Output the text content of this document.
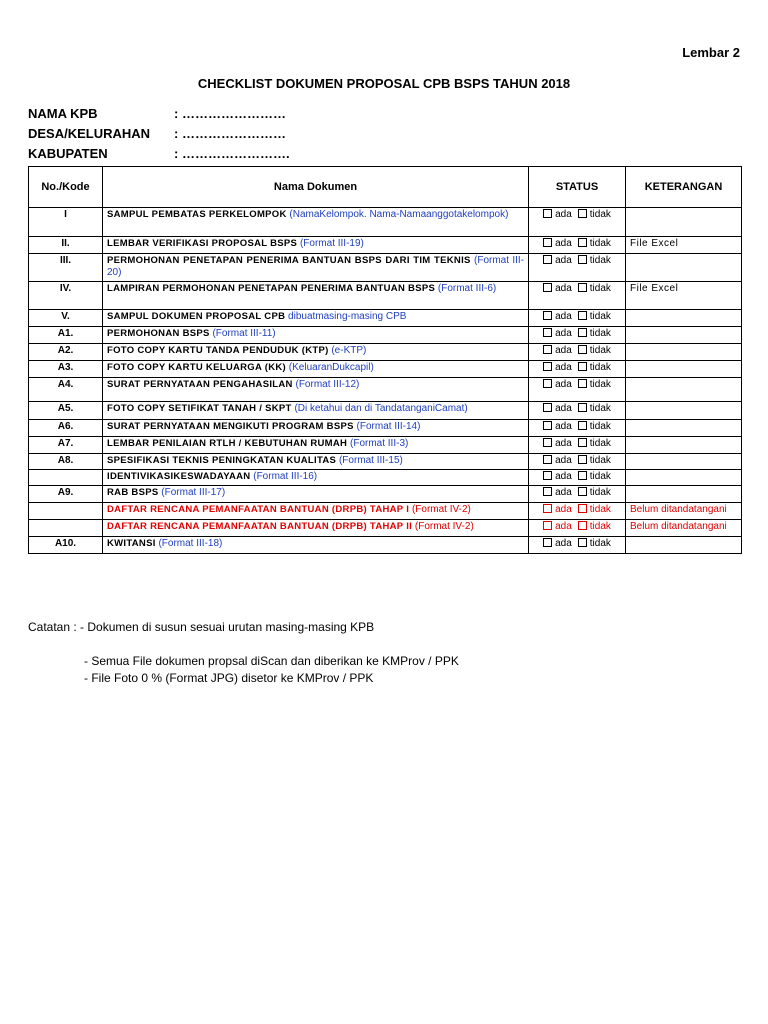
Lembar 2
CHECKLIST DOKUMEN PROPOSAL CPB BSPS TAHUN 2018
NAMA KPB	: ……………………
DESA/KELURAHAN : ……………………
KABUPATEN	: …………………….
No./Kode	Nama Dokumen	STATUS	KETERANGAN
I	SAMPUL PEMBATAS PERKELOMPOK (NamaKelompok. Nama-Namaanggotakelompok)	ada tidak	
II.	LEMBAR VERIFIKASI PROPOSAL BSPS (Format III-19)	ada tidak	File Excel
III.	PERMOHONAN PENETAPAN PENERIMA BANTUAN BSPS DARI TIM TEKNIS (Format III-20)	ada tidak	
IV.	LAMPIRAN PERMOHONAN PENETAPAN PENERIMA BANTUAN BSPS (Format III-6)	ada tidak	File Excel
V.	SAMPUL DOKUMEN PROPOSAL CPB dibuatmasing-masing CPB	ada tidak	
A1.	PERMOHONAN BSPS (Format III-11)	ada tidak	
A2.	FOTO COPY KARTU TANDA PENDUDUK (KTP) (e-KTP)	ada tidak	
A3.	FOTO COPY KARTU KELUARGA (KK) (KeluaranDukcapil)	ada tidak	
A4.	SURAT PERNYATAAN PENGAHASILAN (Format III-12)	ada tidak	
A5.	FOTO COPY SETIFIKAT TANAH / SKPT (Di ketahui dan di TandatanganiCamat)	ada tidak	
A6.	SURAT PERNYATAAN MENGIKUTI PROGRAM BSPS (Format III-14)	ada tidak	
A7.	LEMBAR PENILAIAN RTLH / KEBUTUHAN RUMAH (Format III-3)	ada tidak	
A8.	SPESIFIKASI TEKNIS PENINGKATAN KUALITAS (Format III-15)	ada tidak	
	IDENTIVIKASIKESWADAYAAN (Format III-16)	ada tidak	
A9.	RAB BSPS (Format III-17)	ada tidak	
	DAFTAR RENCANA PEMANFAATAN BANTUAN (DRPB) TAHAP I (Format IV-2)	ada tidak	Belum ditandatangani
	DAFTAR RENCANA PEMANFAATAN BANTUAN (DRPB) TAHAP II (Format IV-2)	ada tidak	Belum ditandatangani
A10.	KWITANSI (Format III-18)	ada tidak	
Catatan : - Dokumen di susun sesuai urutan masing-masing KPB
- Semua File dokumen propsal diScan dan diberikan ke KMProv / PPK
- File Foto 0 % (Format JPG) disetor ke KMProv / PPK
